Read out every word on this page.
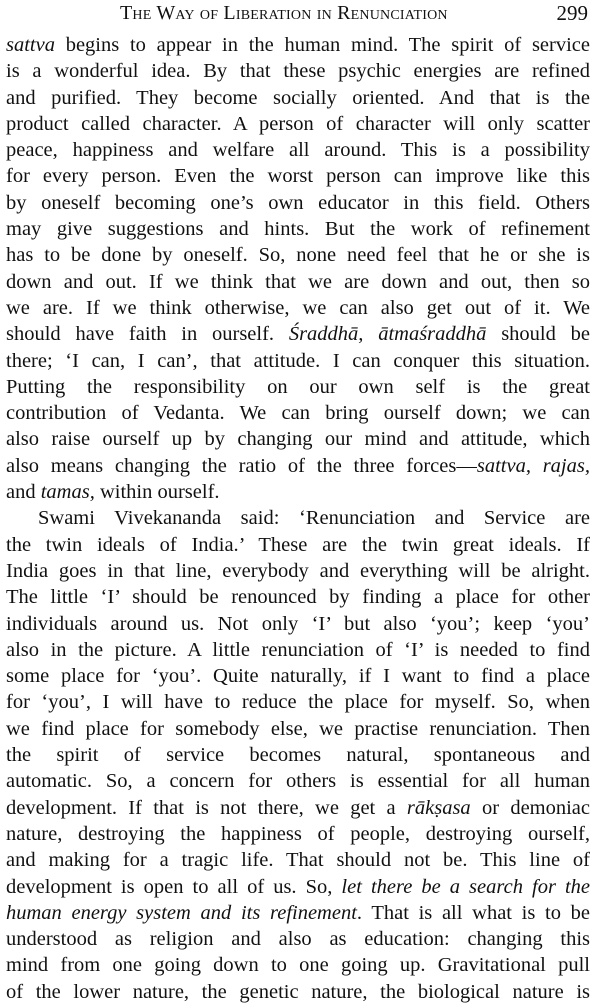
The Way of Liberation in Renunciation	299
sattva begins to appear in the human mind. The spirit of service
is a wonderful idea. By that these psychic energies are refined
and purified. They become socially oriented. And that is the
product called character. A person of character will only scatter
peace, happiness and welfare all around. This is a possibility
for every person. Even the worst person can improve like this
by oneself becoming one’s own educator in this field. Others
may give suggestions and hints. But the work of refinement
has to be done by oneself. So, none need feel that he or she is
down and out. If we think that we are down and out, then so
we are. If we think otherwise, we can also get out of it. We
should have faith in ourself. Śraddhā, ātmaśraddhā should be
there; ‘I can, I can’, that attitude. I can conquer this situation.
Putting the responsibility on our own self is the great
contribution of Vedanta. We can bring ourself down; we can
also raise ourself up by changing our mind and attitude, which
also means changing the ratio of the three forces—sattva, rajas,
and tamas, within ourself.
Swami Vivekananda said: ‘Renunciation and Service are
the twin ideals of India.’ These are the twin great ideals. If
India goes in that line, everybody and everything will be alright.
The little ‘I’ should be renounced by finding a place for other
individuals around us. Not only ‘I’ but also ‘you’; keep ‘you’
also in the picture. A little renunciation of ‘I’ is needed to find
some place for ‘you’. Quite naturally, if I want to find a place
for ‘you’, I will have to reduce the place for myself. So, when
we find place for somebody else, we practise renunciation. Then
the spirit of service becomes natural, spontaneous and
automatic. So, a concern for others is essential for all human
development. If that is not there, we get a rākṣasa or demoniac
nature, destroying the happiness of people, destroying ourself,
and making for a tragic life. That should not be. This line of
development is open to all of us. So, let there be a search for the
human energy system and its refinement. That is all what is to be
understood as religion and also as education: changing this
mind from one going down to one going up. Gravitational pull
of the lower nature, the genetic nature, the biological nature is
